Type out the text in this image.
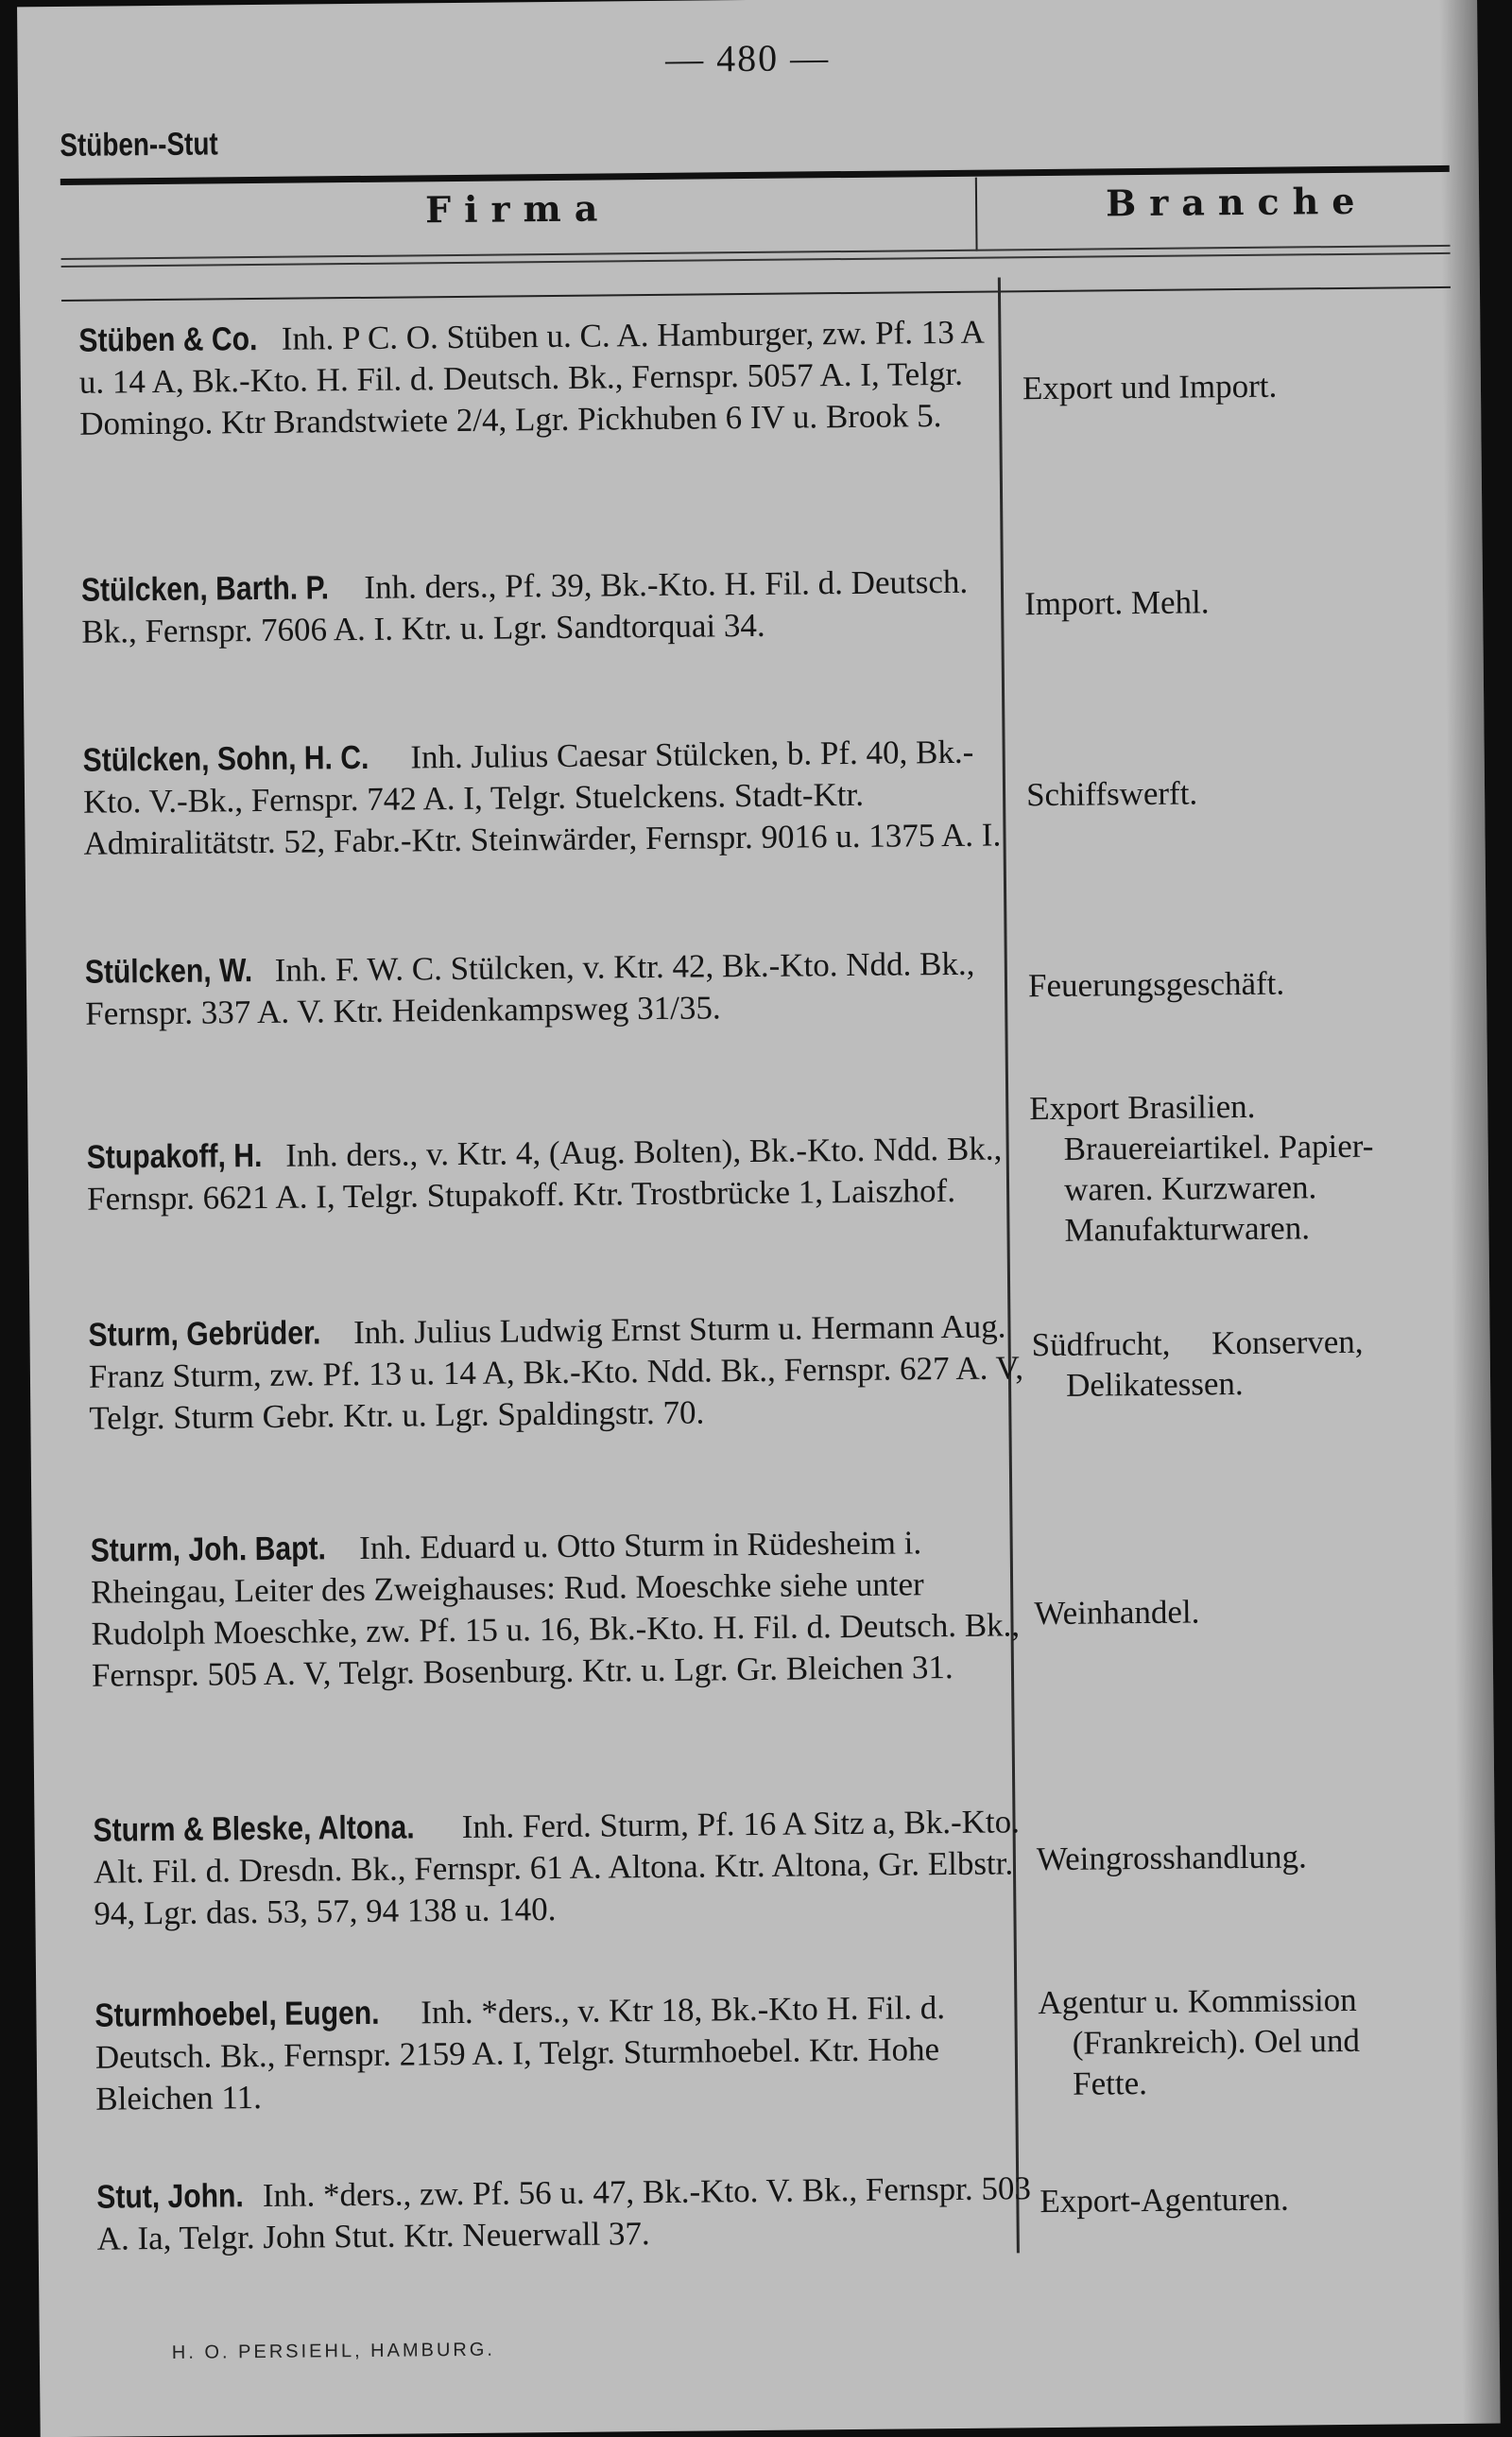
— 480 —
Stüben--Stut
Firma	Branche
Stüben & Co. Inh. P C. O. Stüben u. C. A. Hamburger, zw. Pf. 13 A u. 14 A, Bk.-Kto. H. Fil. d. Deutsch. Bk., Fernspr. 5057 A. I, Telgr. Domingo. Ktr Brandstwiete 2/4, Lgr. Pickhuben 6 IV u. Brook 5.
Export und Import.
Stülcken, Barth. P. Inh. ders., Pf. 39, Bk.-Kto. H. Fil. d. Deutsch. Bk., Fernspr. 7606 A. I. Ktr. u. Lgr. Sandtorquai 34.
Import. Mehl.
Stülcken, Sohn, H. C. Inh. Julius Caesar Stülcken, b. Pf. 40, Bk.-Kto. V.-Bk., Fernspr. 742 A. I, Telgr. Stuelckens. Stadt-Ktr. Admiralitätstr. 52, Fabr.-Ktr. Steinwärder, Fernspr. 9016 u. 1375 A. I.
Schiffswerft.
Stülcken, W. Inh. F. W. C. Stülcken, v. Ktr. 42, Bk.-Kto. Ndd. Bk., Fernspr. 337 A. V. Ktr. Heidenkampsweg 31/35.
Feuerungsgeschäft.
Stupakoff, H. Inh. ders., v. Ktr. 4, (Aug. Bolten), Bk.-Kto. Ndd. Bk., Fernspr. 6621 A. I, Telgr. Stupakoff. Ktr. Trostbrücke 1, Laiszhof.
Export Brasilien.
Brauereiartikel. Papier-
waren. Kurzwaren.
Manufakturwaren.
Sturm, Gebrüder. Inh. Julius Ludwig Ernst Sturm u. Hermann Aug. Franz Sturm, zw. Pf. 13 u. 14 A, Bk.-Kto. Ndd. Bk., Fernspr. 627 A. V, Telgr. Sturm Gebr. Ktr. u. Lgr. Spaldingstr. 70.
Südfrucht,     Konserven,
Delikatessen.
Sturm, Joh. Bapt. Inh. Eduard u. Otto Sturm in Rüdesheim i. Rheingau, Leiter des Zweighauses: Rud. Moeschke siehe unter Rudolph Moeschke, zw. Pf. 15 u. 16, Bk.-Kto. H. Fil. d. Deutsch. Bk., Fernspr. 505 A. V, Telgr. Bosenburg. Ktr. u. Lgr. Gr. Bleichen 31.
Weinhandel.
Sturm & Bleske, Altona. Inh. Ferd. Sturm, Pf. 16 A Sitz a, Bk.-Kto. Alt. Fil. d. Dresdn. Bk., Fernspr. 61 A. Altona. Ktr. Altona, Gr. Elbstr. 94, Lgr. das. 53, 57, 94 138 u. 140.
Weingrosshandlung.
Sturmhoebel, Eugen. Inh. *ders., v. Ktr 18, Bk.-Kto H. Fil. d. Deutsch. Bk., Fernspr. 2159 A. I, Telgr. Sturmhoebel. Ktr. Hohe Bleichen 11.
Agentur u. Kommission
(Frankreich). Oel und
Fette.
Stut, John. Inh. *ders., zw. Pf. 56 u. 47, Bk.-Kto. V. Bk., Fernspr. 503 A. Ia, Telgr. John Stut. Ktr. Neuerwall 37.
Export-Agenturen.
H. O. PERSIEHL, HAMBURG.
